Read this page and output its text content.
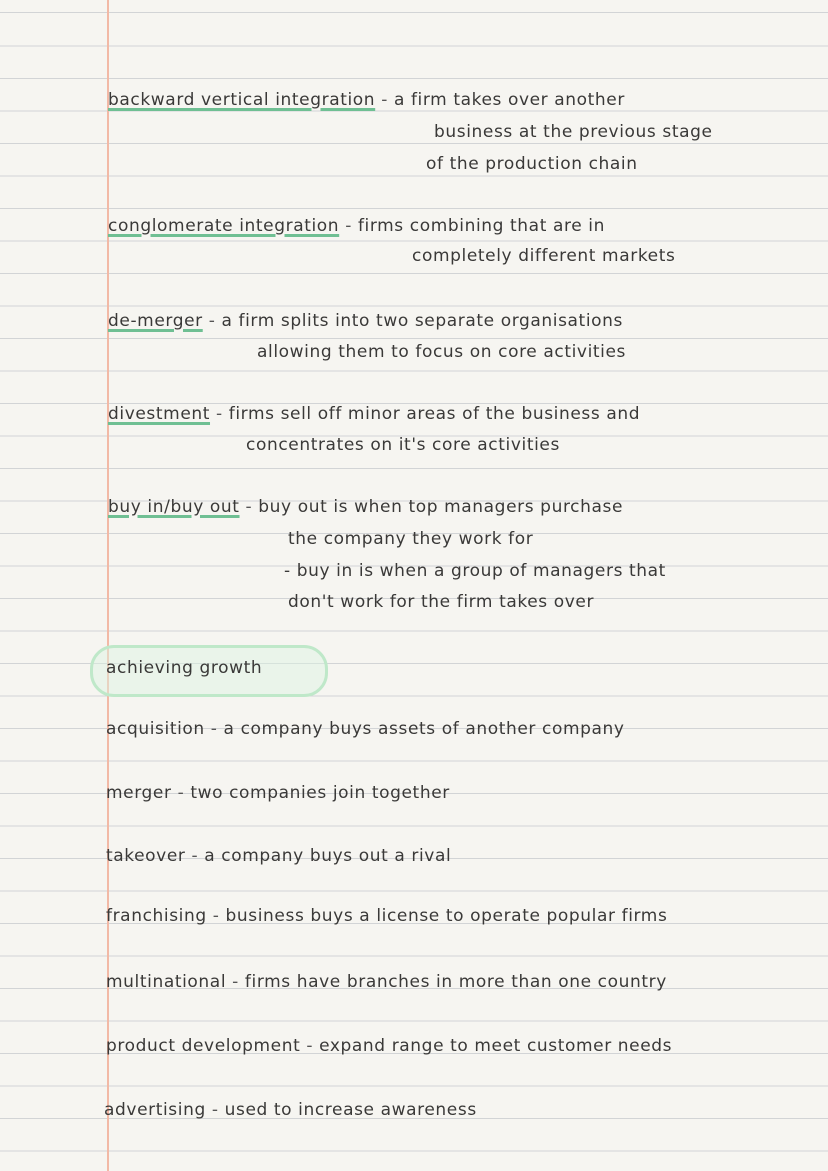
backward vertical integration - a firm takes over another
business at the previous stage
of the production chain
conglomerate integration - firms combining that are in
completely different markets
de-merger - a firm splits into two separate organisations
allowing them to focus on core activities
divestment - firms sell off minor areas of the business and
concentrates on it's core activities
buy in/buy out - buy out is when top managers purchase
the company they work for
- buy in is when a group of managers that
don't work for the firm takes over
achieving growth
acquisition - a company buys assets of another company
merger - two companies join together
takeover - a company buys out a rival
franchising - business buys a license to operate popular firms
multinational - firms have branches in more than one country
product development - expand range to meet customer needs
advertising - used to increase awareness
